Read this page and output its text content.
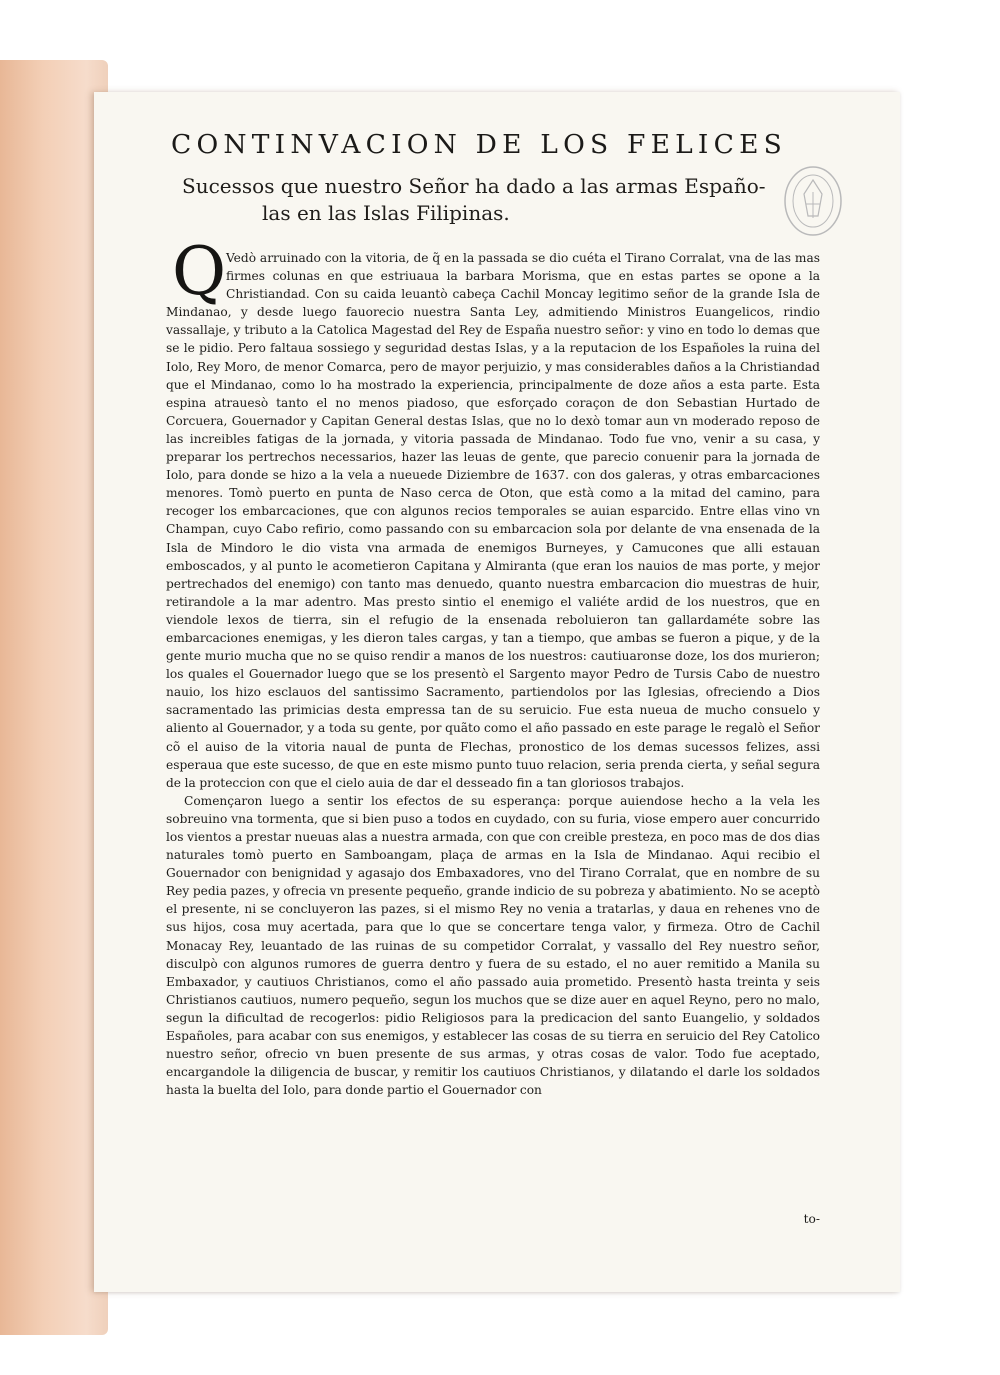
CONTINVACION DE LOS FELICES
Sucessos que nuestro Señor ha dado a las armas Españo-
las en las Islas Filipinas.
Q Vedò arruinado con la vitoria, de q̃ en la passada se dio cuéta el Tirano Corralat, vna de las mas firmes colunas en que estriuaua la barbara Morisma, que en estas partes se opone a la Christiandad. Con su caida leuantò cabeça Cachil Moncay legitimo señor de la grande Isla de Mindanao, y desde luego fauorecio nuestra Santa Ley, admitiendo Ministros Euangelicos, rindio vassallaje, y tributo a la Catolica Magestad del Rey de España nuestro señor: y vino en todo lo demas que se le pidio. Pero faltaua sossiego y seguridad destas Islas, y a la reputacion de los Españoles la ruina del Iolo, Rey Moro, de menor Comarca, pero de mayor perjuizio, y mas considerables daños a la Christiandad que el Mindanao, como lo ha mostrado la experiencia, principalmente de doze años a esta parte. Esta espina atrauesò tanto el no menos piadoso, que esforçado coraçon de don Sebastian Hurtado de Corcuera, Gouernador y Capitan General destas Islas, que no lo dexò tomar aun vn moderado reposo de las increibles fatigas de la jornada, y vitoria passada de Mindanao. Todo fue vno, venir a su casa, y preparar los pertrechos necessarios, hazer las leuas de gente, que parecio conuenir para la jornada de Iolo, para donde se hizo a la vela a nueuede Diziembre de 1637. con dos galeras, y otras embarcaciones menores. Tomò puerto en punta de Naso cerca de Oton, que està como a la mitad del camino, para recoger los embarcaciones, que con algunos recios temporales se auian esparcido. Entre ellas vino vn Champan, cuyo Cabo refirio, como passando con su embarcacion sola por delante de vna ensenada de la Isla de Mindoro le dio vista vna armada de enemigos Burneyes, y Camucones que alli estauan emboscados, y al punto le acometieron Capitana y Almiranta (que eran los nauios de mas porte, y mejor pertrechados del enemigo) con tanto mas denuedo, quanto nuestra embarcacion dio muestras de huir, retirandole a la mar adentro. Mas presto sintio el enemigo el valiéte ardid de los nuestros, que en viendole lexos de tierra, sin el refugio de la ensenada reboluieron tan gallardaméte sobre las embarcaciones enemigas, y les dieron tales cargas, y tan a tiempo, que ambas se fueron a pique, y de la gente murio mucha que no se quiso rendir a manos de los nuestros: cautiuaronse doze, los dos murieron; los quales el Gouernador luego que se los presentò el Sargento mayor Pedro de Tursis Cabo de nuestro nauio, los hizo esclauos del santissimo Sacramento, partiendolos por las Iglesias, ofreciendo a Dios sacramentado las primicias desta empressa tan de su seruicio. Fue esta nueua de mucho consuelo y aliento al Gouernador, y a toda su gente, por quãto como el año passado en este parage le regalò el Señor cõ el auiso de la vitoria naual de punta de Flechas, pronostico de los demas sucessos felizes, assi esperaua que este sucesso, de que en este mismo punto tuuo relacion, seria prenda cierta, y señal segura de la proteccion con que el cielo auia de dar el desseado fin a tan gloriosos trabajos.

Començaron luego a sentir los efectos de su esperança: porque auiendose hecho a la vela les sobreuino vna tormenta, que si bien puso a todos en cuydado, con su furia, viose empero auer concurrido los vientos a prestar nueuas alas a nuestra armada, con que con creible presteza, en poco mas de dos dias naturales tomò puerto en Samboangam, plaça de armas en la Isla de Mindanao. Aqui recibio el Gouernador con benignidad y agasajo dos Embaxadores, vno del Tirano Corralat, que en nombre de su Rey pedia pazes, y ofrecia vn presente pequeño, grande indicio de su pobreza y abatimiento. No se aceptò el presente, ni se concluyeron las pazes, si el mismo Rey no venia a tratarlas, y daua en rehenes vno de sus hijos, cosa muy acertada, para que lo que se concertare tenga valor, y firmeza. Otro de Cachil Monacay Rey, leuantado de las ruinas de su competidor Corralat, y vassallo del Rey nuestro señor, disculpò con algunos rumores de guerra dentro y fuera de su estado, el no auer remitido a Manila su Embaxador, y cautiuos Christianos, como el año passado auia prometido. Presentò hasta treinta y seis Christianos cautiuos, numero pequeño, segun los muchos que se dize auer en aquel Reyno, pero no malo, segun la dificultad de recogerlos: pidio Religiosos para la predicacion del santo Euangelio, y soldados Españoles, para acabar con sus enemigos, y establecer las cosas de su tierra en seruicio del Rey Catolico nuestro señor, ofrecio vn buen presente de sus armas, y otras cosas de valor. Todo fue aceptado, encargandole la diligencia de buscar, y remitir los cautiuos Christianos, y dilatando el darle los soldados hasta la buelta del Iolo, para donde partio el Gouernador con

to-
